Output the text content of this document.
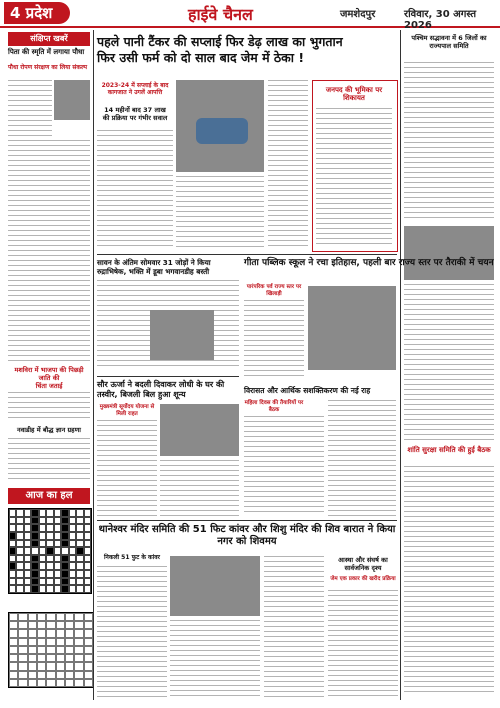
4 प्रदेश	हाईवे चैनल	जमशेदपुर	रविवार, 30 अगस्त 2026
संक्षिप्त खबरें
पिता की स्मृति में लगाया पौधा
पौधा रोपण संरक्षण का लिया संकल्प
मशविरा में भाजपा की पिछड़ी जाति की
चिंता जताई
नवाडीह में बौद्ध ज्ञान ग्रहणा
आज का हल
पहले पानी टैंकर की सप्लाई फिर डेढ़ लाख का भुगतान
फिर उसी फर्म को दो साल बाद जेम में ठेका !
2023-24 में सप्लाई के बाद कागजात ने उगलें आपत्ति
14 महीनों बाद 37 लाख की प्रक्रिया पर गंभीर सवाल
जनपद की भूमिका पर शिकायत
पश्चिम सद्भावना में 6 जिलों का राज्यपाल समिति
सावन के अंतिम सोमवार 31 जोड़ों ने किया रुद्राभिषेक, भक्ति में डूबा भगवानडीह बस्ती
गीता पब्लिक स्कूल ने रचा इतिहास, पहली बार राज्य स्तर पर तैराकी में चयन
पारंपरिक पर्व राज्य स्तर पर खिलाड़ी
सौर ऊर्जा ने बदली दिवाकर लोधी के घर की तस्वीर, बिजली बिल हुआ शून्य
मुख्यमंत्री सूर्योदय योजना से मिली राहत
विरासत और आर्थिक सशक्तिकरण की नई राह
महिला दिवस की तैयारियों पर बैठक
शांति सुरक्षा समिति की हुई बैठक
थानेश्वर मंदिर समिति की 51 फिट कांवर और शिशु मंदिर की शिव बारात ने किया नगर को शिवमय
निकली 51 फुट के कांवर	आस्था और संघर्ष का सार्वजनिक दृश्य
जेम एक प्रकार की खरीद प्रक्रिया
